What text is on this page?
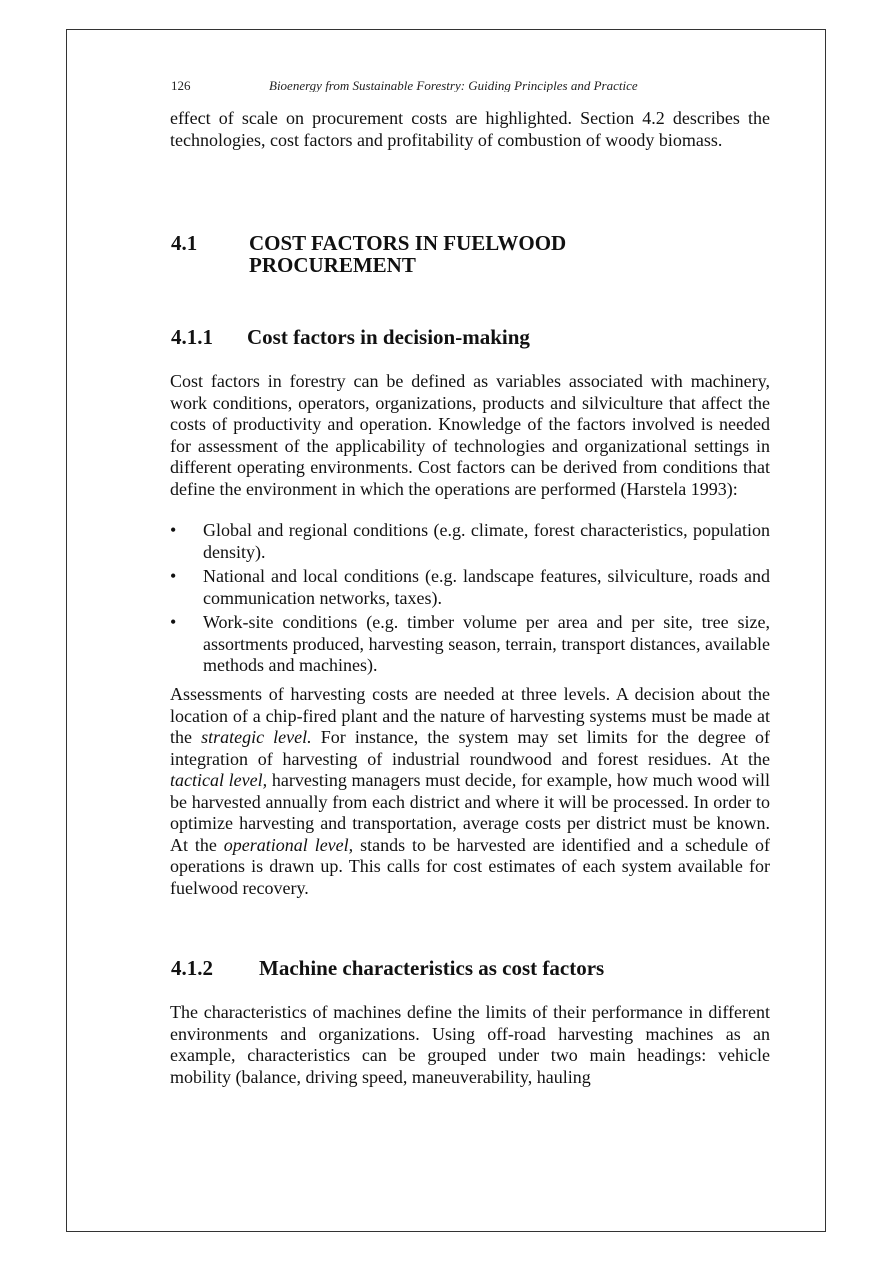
126	Bioenergy from Sustainable Forestry: Guiding Principles and Practice

effect of scale on procurement costs are highlighted. Section 4.2 describes the technologies, cost factors and profitability of combustion of woody biomass.

4.1 COST FACTORS IN FUELWOOD
PROCUREMENT
4.1.1 Cost factors in decision-making

Cost factors in forestry can be defined as variables associated with machinery, work conditions, operators, organizations, products and silviculture that affect the costs of productivity and operation. Knowledge of the factors involved is needed for assessment of the applicability of technologies and organizational settings in different operating environments. Cost factors can be derived from conditions that define the environment in which the operations are performed (Harstela 1993):

•	Global and regional conditions (e.g. climate, forest characteristics, population density).
•	National and local conditions (e.g. landscape features, silviculture, roads and communication networks, taxes).
•	Work-site conditions (e.g. timber volume per area and per site, tree size, assortments produced, harvesting season, terrain, transport distances, available methods and machines).

Assessments of harvesting costs are needed at three levels. A decision about the location of a chip-fired plant and the nature of harvesting systems must be made at the strategic level. For instance, the system may set limits for the degree of integration of harvesting of industrial roundwood and forest residues. At the tactical level, harvesting managers must decide, for example, how much wood will be harvested annually from each district and where it will be processed. In order to optimize harvesting and transportation, average costs per district must be known. At the operational level, stands to be harvested are identified and a schedule of operations is drawn up. This calls for cost estimates of each system available for fuelwood recovery.

4.1.2 Machine characteristics as cost factors

The characteristics of machines define the limits of their performance in different environments and organizations. Using off-road harvesting machines as an example, characteristics can be grouped under two main headings: vehicle mobility (balance, driving speed, maneuverability, hauling
